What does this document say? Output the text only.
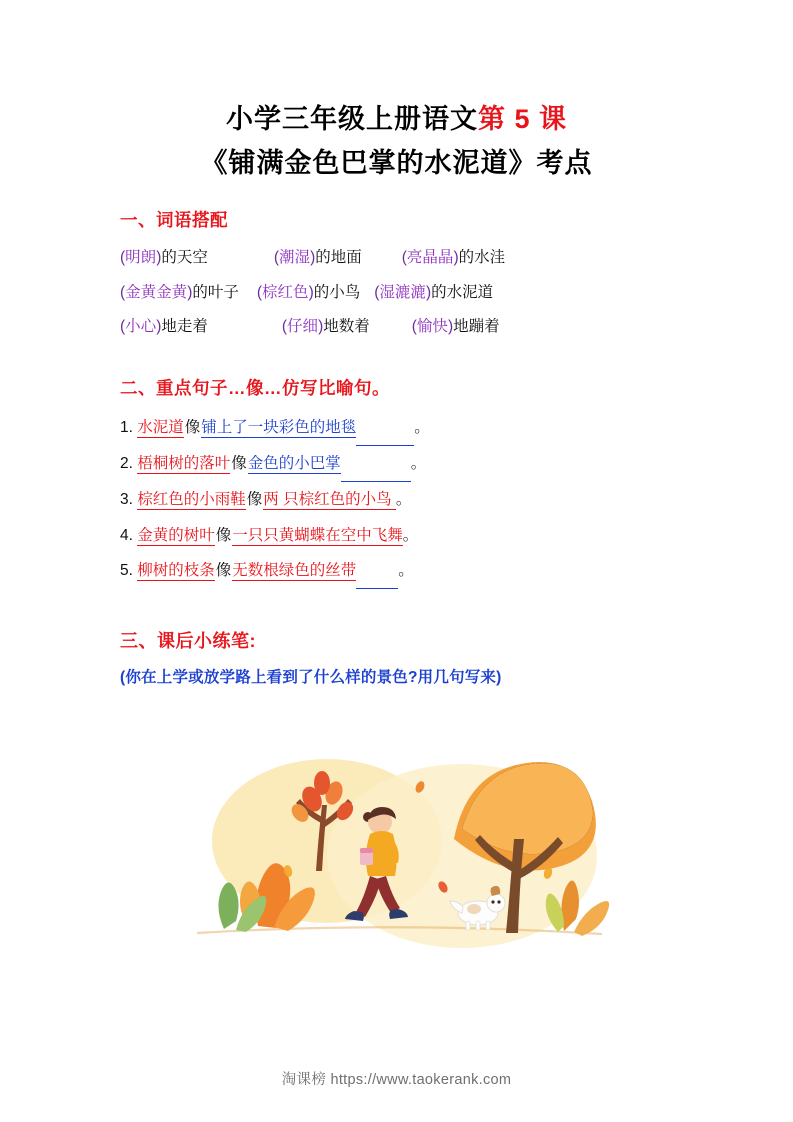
小学三年级上册语文第 5 课
《铺满金色巴掌的水泥道》考点
一、词语搭配
(明朗)的天空	(潮湿)的地面	(亮晶晶)的水洼
(金黄金黄)的叶子 (棕红色)的小鸟 (湿漉漉)的水泥道
(小心)地走着	(仔细)地数着	(愉快)地蹦着
二、重点句子…像…仿写比喻句。
1. 水泥道像铺上了一块彩色的地毯	。
2. 梧桐树的落叶像金色的小巴掌	。
3. 棕红色的小雨鞋像两 只棕红色的小鸟 。
4. 金黄的树叶像一只只黄蝴蝶在空中飞舞。
5. 柳树的枝条像无数根绿色的丝带	。
三、课后小练笔:
(你在上学或放学路上看到了什么样的景色?用几句写来)
淘课榜 https://www.taokerank.com
